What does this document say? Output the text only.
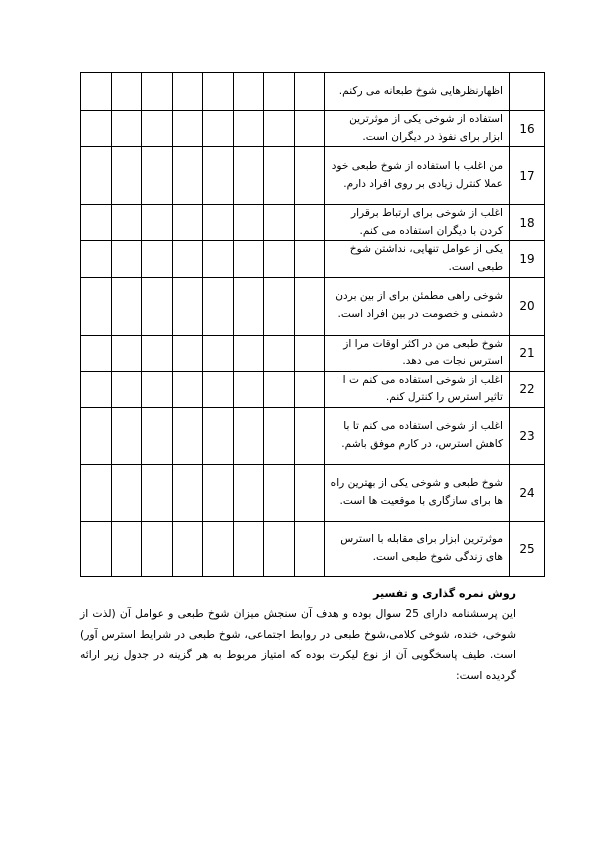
	اظهارنظرهایی شوخ طبعانه می رکنم.								
16	استفاده از شوخی یکی از موثرترین ابزار برای نفوذ در دیگران است.								
17	من اغلب با استفاده از شوخ طبعی خود عملا کنترل زیادی بر روی افراد دارم.								
18	اغلب از شوخی برای ارتباط برقرار کردن با دیگران استفاده می کنم.								
19	یکی از عوامل تنهایی، نداشتن شوخ طبعی است.								
20	شوخی راهی مطمئن برای از بین بردن دشمنی و خصومت در بین افراد است.								
21	شوخ طبعی من در اکثر اوقات مرا از استرس نجات می دهد.								
22	اغلب از شوخی استفاده می کنم ت ا تاثیر استرس را کنترل کنم.								
23	اغلب از شوخی استفاده می کنم تا با کاهش استرس، در کارم موفق باشم.								
24	شوخ طبعی و شوخی یکی از بهترین راه ها برای سازگاری با موقعیت ها است.								
25	موثرترین ابزار برای مقابله با استرس های زندگی شوخ طبعی است.								
روش نمره گذاری و تفسیر
این پرسشنامه دارای 25 سوال بوده و هدف آن سنجش میزان شوخ طبعی و عوامل آن (لذت از شوخی، خنده، شوخی کلامی،شوخ طبعی در روابط اجتماعی، شوخ طبعی در شرایط استرس آور) است. طیف پاسخگویی آن از نوع لیکرت بوده که امتیاز مربوط به هر گزینه در جدول زیر ارائه گردیده است:
